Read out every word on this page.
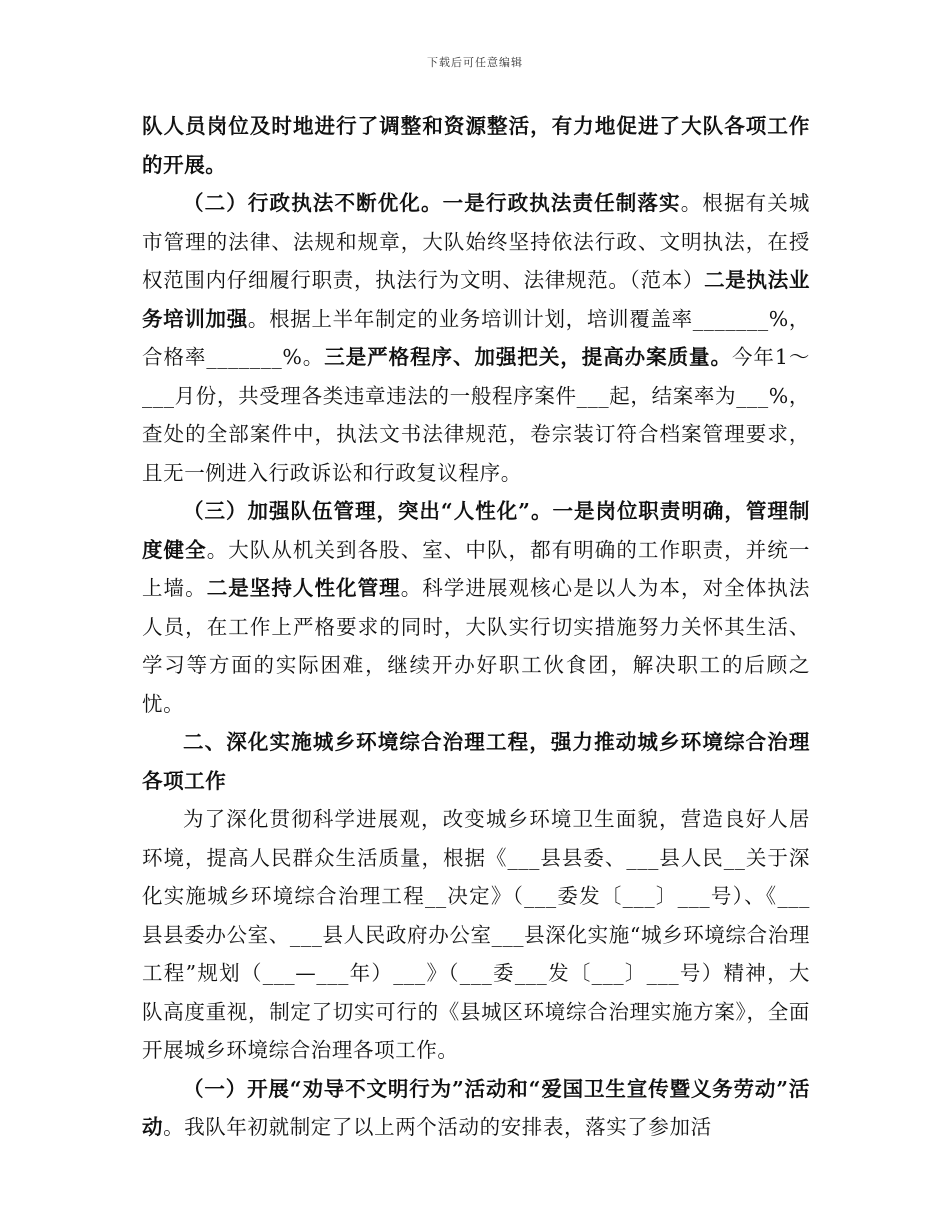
下载后可任意编辑

队人员岗位及时地进行了调整和资源整活，有力地促进了大队各项工作的开展。

（二）行政执法不断优化。一是行政执法责任制落实。根据有关城市管理的法律、法规和规章，大队始终坚持依法行政、文明执法，在授权范围内仔细履行职责，执法行为文明、法律规范。（范本）二是执法业务培训加强。根据上半年制定的业务培训计划，培训覆盖率_______%，合格率_______%。三是严格程序、加强把关，提高办案质量。今年1～___月份，共受理各类违章违法的一般程序案件___起，结案率为___%，查处的全部案件中，执法文书法律规范，卷宗装订符合档案管理要求，且无一例进入行政诉讼和行政复议程序。

（三）加强队伍管理，突出“人性化”。一是岗位职责明确，管理制度健全。大队从机关到各股、室、中队，都有明确的工作职责，并统一上墙。二是坚持人性化管理。科学进展观核心是以人为本，对全体执法人员，在工作上严格要求的同时，大队实行切实措施努力关怀其生活、学习等方面的实际困难，继续开办好职工伙食团，解决职工的后顾之忧。

二、深化实施城乡环境综合治理工程，强力推动城乡环境综合治理各项工作

为了深化贯彻科学进展观，改变城乡环境卫生面貌，营造良好人居环境，提高人民群众生活质量，根据《___县县委、___县人民__关于深化实施城乡环境综合治理工程__决定》（___委发〔___〕___号）、《___县县委办公室、___县人民政府办公室___县深化实施“城乡环境综合治理工程”规划（___—___年）___》（___委___发〔___〕___号）精神，大队高度重视，制定了切实可行的《县城区环境综合治理实施方案》，全面开展城乡环境综合治理各项工作。

（一）开展“劝导不文明行为”活动和“爱国卫生宣传暨义务劳动”活动。我队年初就制定了以上两个活动的安排表，落实了参加活
